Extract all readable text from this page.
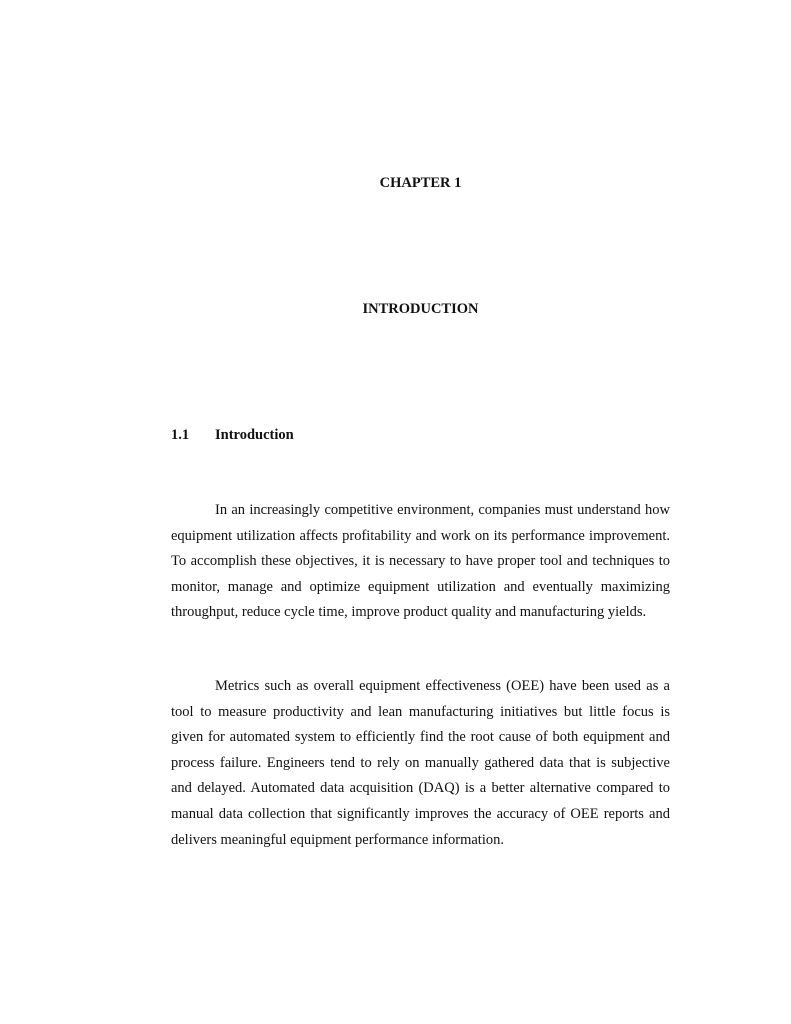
CHAPTER 1
INTRODUCTION
1.1	Introduction

In an increasingly competitive environment, companies must understand how equipment utilization affects profitability and work on its performance improvement. To accomplish these objectives, it is necessary to have proper tool and techniques to monitor, manage and optimize equipment utilization and eventually maximizing throughput, reduce cycle time, improve product quality and manufacturing yields.

Metrics such as overall equipment effectiveness (OEE) have been used as a tool to measure productivity and lean manufacturing initiatives but little focus is given for automated system to efficiently find the root cause of both equipment and process failure. Engineers tend to rely on manually gathered data that is subjective and delayed. Automated data acquisition (DAQ) is a better alternative compared to manual data collection that significantly improves the accuracy of OEE reports and delivers meaningful equipment performance information.
